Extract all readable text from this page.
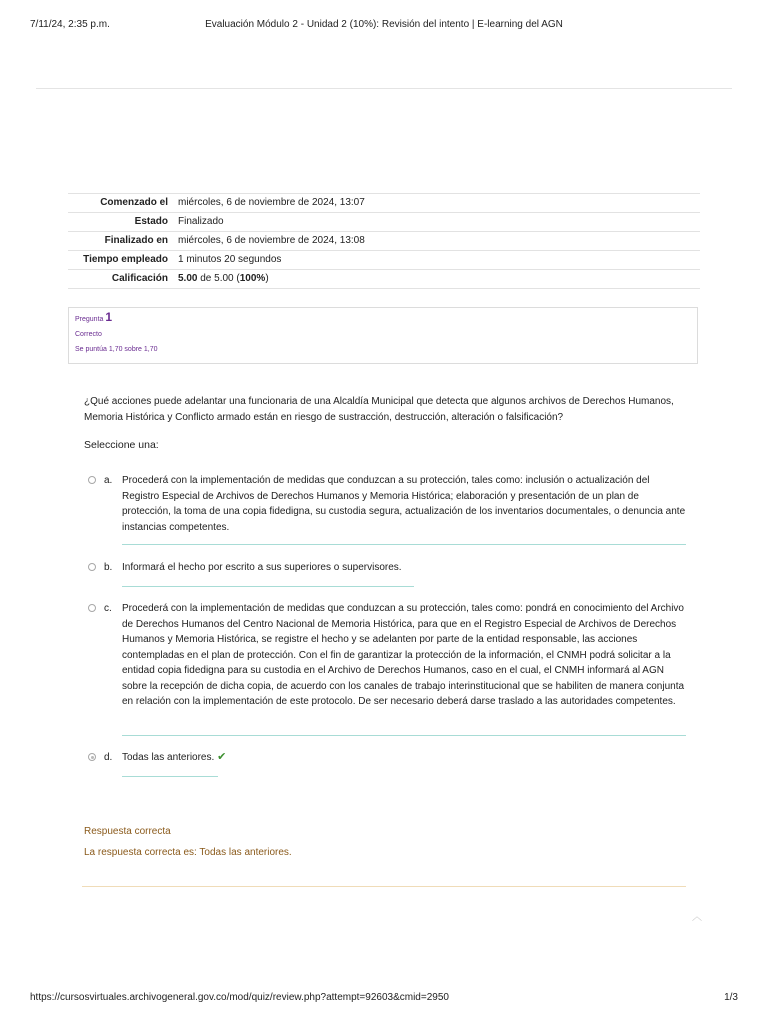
7/11/24, 2:35 p.m.	Evaluación Módulo 2 - Unidad 2 (10%): Revisión del intento | E-learning del AGN
Comenzado el	miércoles, 6 de noviembre de 2024, 13:07
Estado	Finalizado
Finalizado en	miércoles, 6 de noviembre de 2024, 13:08
Tiempo empleado	1 minutos 20 segundos
Calificación	5.00 de 5.00 (100%)
Pregunta 1
Correcto
Se puntúa 1,70 sobre 1,70
¿Qué acciones puede adelantar una funcionaria de una Alcaldía Municipal que detecta que algunos archivos de Derechos Humanos, Memoria Histórica y Conflicto armado están en riesgo de sustracción, destrucción, alteración o falsificación?
Seleccione una:
a. Procederá con la implementación de medidas que conduzcan a su protección, tales como: inclusión o actualización del Registro Especial de Archivos de Derechos Humanos y Memoria Histórica; elaboración y presentación de un plan de protección, la toma de una copia fidedigna, su custodia segura, actualización de los inventarios documentales, o denuncia ante instancias competentes.
b. Informará el hecho por escrito a sus superiores o supervisores.
c. Procederá con la implementación de medidas que conduzcan a su protección, tales como: pondrá en conocimiento del Archivo de Derechos Humanos del Centro Nacional de Memoria Histórica, para que en el Registro Especial de Archivos de Derechos Humanos y Memoria Histórica, se registre el hecho y se adelanten por parte de la entidad responsable, las acciones contempladas en el plan de protección. Con el fin de garantizar la protección de la información, el CNMH podrá solicitar a la entidad copia fidedigna para su custodia en el Archivo de Derechos Humanos, caso en el cual, el CNMH informará al AGN sobre la recepción de dicha copia, de acuerdo con los canales de trabajo interinstitucional que se habiliten de manera conjunta en relación con la implementación de este protocolo. De ser necesario deberá darse traslado a las autoridades competentes.
d. Todas las anteriores. ✔
Respuesta correcta
La respuesta correcta es: Todas las anteriores.
︿
https://cursosvirtuales.archivogeneral.gov.co/mod/quiz/review.php?attempt=92603&cmid=2950	1/3
